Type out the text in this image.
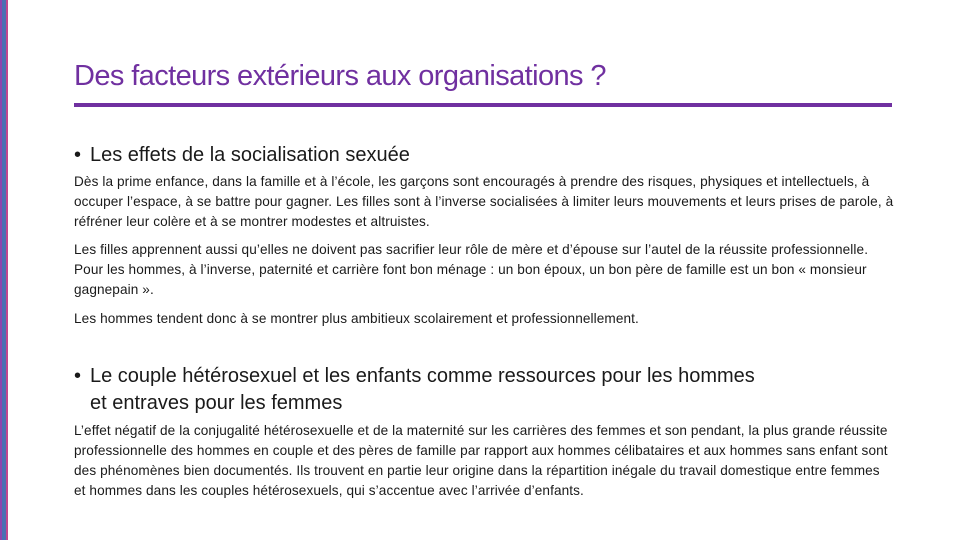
Des facteurs extérieurs aux organisations ?
• Les effets de la socialisation sexuée
Dès la prime enfance, dans la famille et à l’école, les garçons sont encouragés à prendre des risques, physiques et intellectuels, à occuper l’espace, à se battre pour gagner. Les filles sont à l’inverse socialisées à limiter leurs mouvements et leurs prises de parole, à réfréner leur colère et à se montrer modestes et altruistes.
Les filles apprennent aussi qu’elles ne doivent pas sacrifier leur rôle de mère et d’épouse sur l’autel de la réussite professionnelle. Pour les hommes, à l’inverse, paternité et carrière font bon ménage : un bon époux, un bon père de famille est un bon « monsieur gagnepain ».
Les hommes tendent donc à se montrer plus ambitieux scolairement et professionnellement.
• Le couple hétérosexuel et les enfants comme ressources pour les hommes
et entraves pour les femmes
L’effet négatif de la conjugalité hétérosexuelle et de la maternité sur les carrières des femmes et son pendant, la plus grande réussite professionnelle des hommes en couple et des pères de famille par rapport aux hommes célibataires et aux hommes sans enfant sont des phénomènes bien documentés. Ils trouvent en partie leur origine dans la répartition inégale du travail domestique entre femmes et hommes dans les couples hétérosexuels, qui s’accentue avec l’arrivée d’enfants.
